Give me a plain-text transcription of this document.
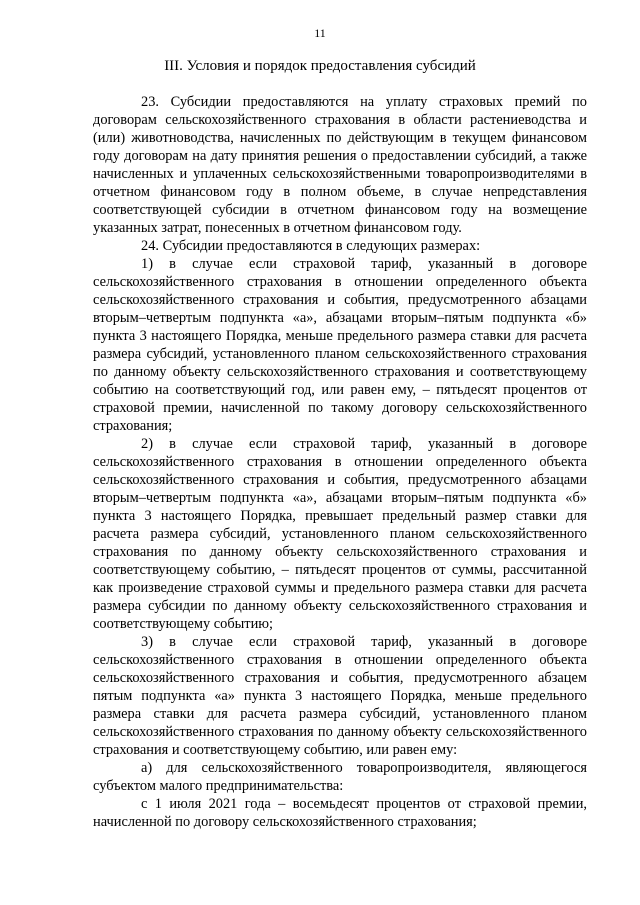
11
III. Условия и порядок предоставления субсидий

23. Субсидии предоставляются на уплату страховых премий по договорам сельскохозяйственного страхования в области растениеводства и (или) животноводства, начисленных по действующим в текущем финансовом году договорам на дату принятия решения о предоставлении субсидий, а также начисленных и уплаченных сельскохозяйственными товаропроизводителями в отчетном финансовом году в полном объеме, в случае непредставления соответствующей субсидии в отчетном финансовом году на возмещение указанных затрат, понесенных в отчетном финансовом году.

24. Субсидии предоставляются в следующих размерах:

1) в случае если страховой тариф, указанный в договоре сельскохозяйственного страхования в отношении определенного объекта сельскохозяйственного страхования и события, предусмотренного абзацами вторым–четвертым подпункта «а», абзацами вторым–пятым подпункта «б» пункта 3 настоящего Порядка, меньше предельного размера ставки для расчета размера субсидий, установленного планом сельскохозяйственного страхования по данному объекту сельскохозяйственного страхования и соответствующему событию на соответствующий год, или равен ему, – пятьдесят процентов от страховой премии, начисленной по такому договору сельскохозяйственного страхования;

2) в случае если страховой тариф, указанный в договоре сельскохозяйственного страхования в отношении определенного объекта сельскохозяйственного страхования и события, предусмотренного абзацами вторым–четвертым подпункта «а», абзацами вторым–пятым подпункта «б» пункта 3 настоящего Порядка, превышает предельный размер ставки для расчета размера субсидий, установленного планом сельскохозяйственного страхования по данному объекту сельскохозяйственного страхования и соответствующему событию, – пятьдесят процентов от суммы, рассчитанной как произведение страховой суммы и предельного размера ставки для расчета размера субсидии по данному объекту сельскохозяйственного страхования и соответствующему событию;

3) в случае если страховой тариф, указанный в договоре сельскохозяйственного страхования в отношении определенного объекта сельскохозяйственного страхования и события, предусмотренного абзацем пятым подпункта «а» пункта 3 настоящего Порядка, меньше предельного размера ставки для расчета размера субсидий, установленного планом сельскохозяйственного страхования по данному объекту сельскохозяйственного страхования и соответствующему событию, или равен ему:

а) для сельскохозяйственного товаропроизводителя, являющегося субъектом малого предпринимательства:

с 1 июля 2021 года – восемьдесят процентов от страховой премии, начисленной по договору сельскохозяйственного страхования;
